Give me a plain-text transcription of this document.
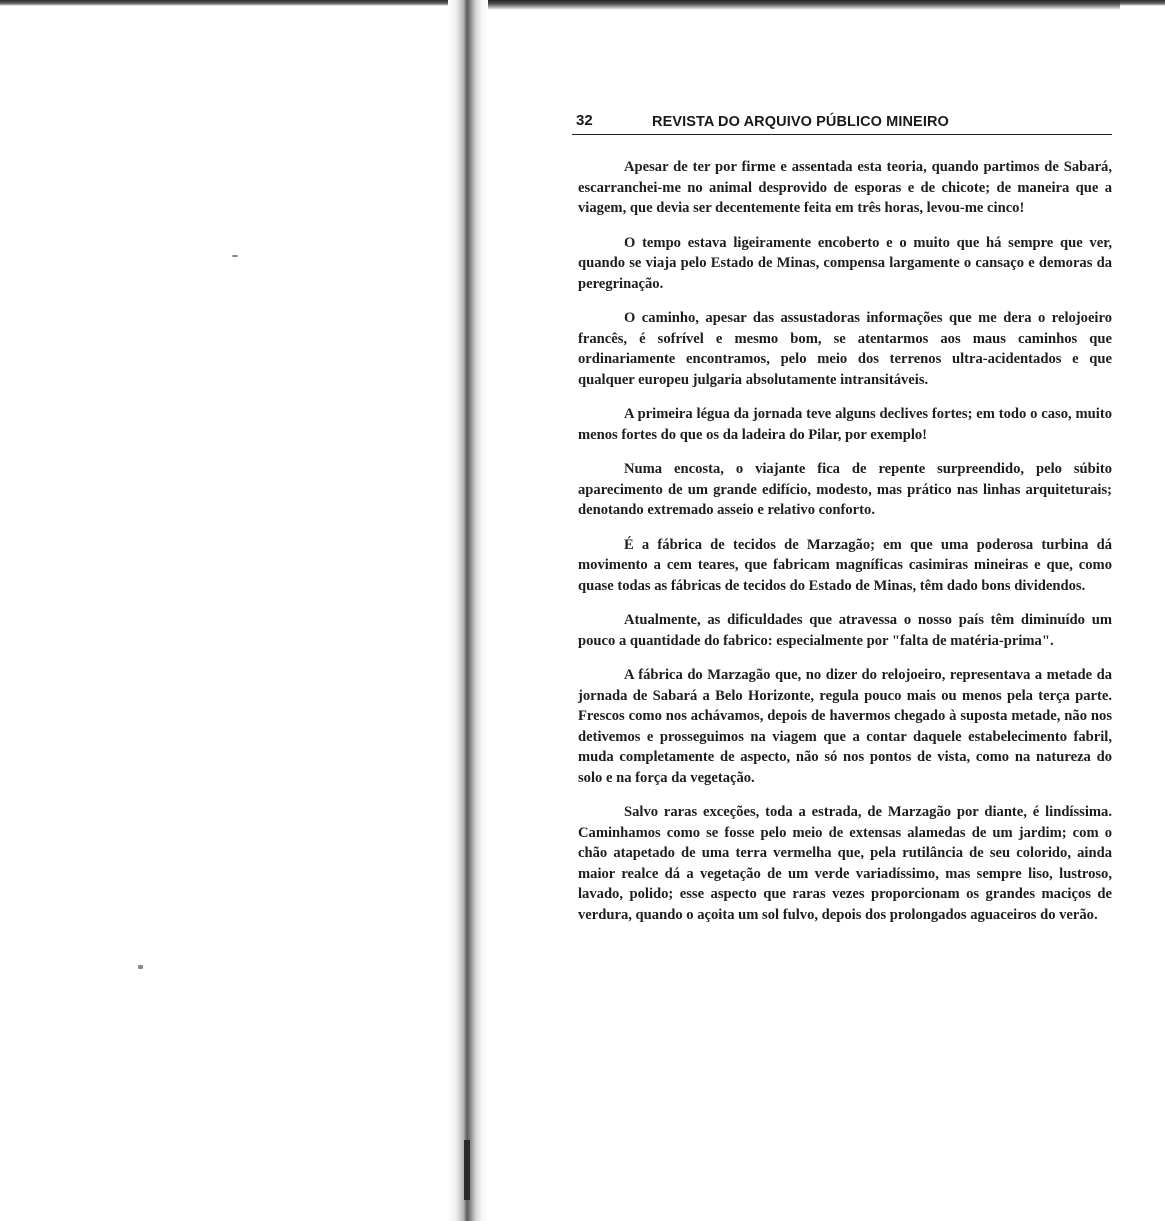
32	REVISTA DO ARQUIVO PÚBLICO MINEIRO

Apesar de ter por firme e assentada esta teoria, quando partimos de Sabará, escarranchei-me no animal desprovido de esporas e de chicote; de maneira que a viagem, que devia ser decentemente feita em três horas, levou-me cinco!

O tempo estava ligeiramente encoberto e o muito que há sempre que ver, quando se viaja pelo Estado de Minas, compensa largamente o cansaço e demoras da peregrinação.

O caminho, apesar das assustadoras informações que me dera o relojoeiro francês, é sofrível e mesmo bom, se atentarmos aos maus caminhos que ordinariamente encontramos, pelo meio dos terrenos ultra-acidentados e que qualquer europeu julgaria absolutamente intransitáveis.

A primeira légua da jornada teve alguns declives fortes; em todo o caso, muito menos fortes do que os da ladeira do Pilar, por exemplo!

Numa encosta, o viajante fica de repente surpreendido, pelo súbito aparecimento de um grande edifício, modesto, mas prático nas linhas arquiteturais; denotando extremado asseio e relativo conforto.

É a fábrica de tecidos de Marzagão; em que uma poderosa turbina dá movimento a cem teares, que fabricam magníficas casimiras mineiras e que, como quase todas as fábricas de tecidos do Estado de Minas, têm dado bons dividendos.

Atualmente, as dificuldades que atravessa o nosso país têm diminuído um pouco a quantidade do fabrico: especialmente por "falta de matéria-prima".

A fábrica do Marzagão que, no dizer do relojoeiro, representava a metade da jornada de Sabará a Belo Horizonte, regula pouco mais ou menos pela terça parte. Frescos como nos achávamos, depois de havermos chegado à suposta metade, não nos detivemos e prosseguimos na viagem que a contar daquele estabelecimento fabril, muda completamente de aspecto, não só nos pontos de vista, como na natureza do solo e na força da vegetação.

Salvo raras exceções, toda a estrada, de Marzagão por diante, é lindíssima. Caminhamos como se fosse pelo meio de extensas alamedas de um jardim; com o chão atapetado de uma terra vermelha que, pela rutilância de seu colorido, ainda maior realce dá a vegetação de um verde variadíssimo, mas sempre liso, lustroso, lavado, polido; esse aspecto que raras vezes proporcionam os grandes maciços de verdura, quando o açoita um sol fulvo, depois dos prolongados aguaceiros do verão.
